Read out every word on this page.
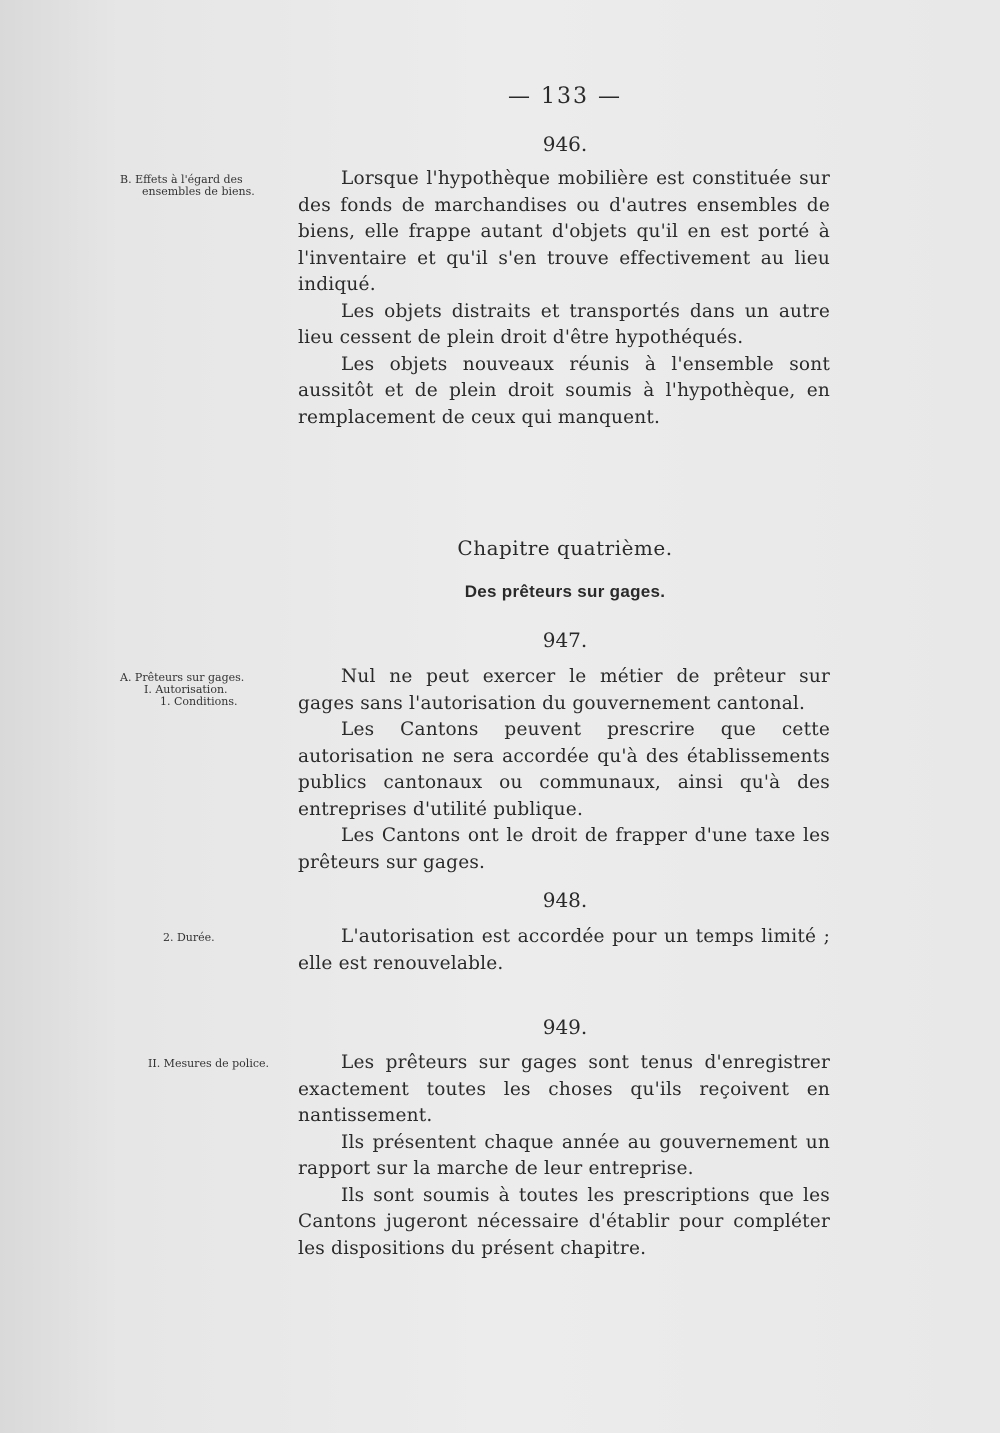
— 133 —
946.
B. Effets à l'égard des
ensembles de biens.

Lorsque l'hypothèque mobilière est constituée sur des fonds de marchandises ou d'autres ensembles de biens, elle frappe autant d'objets qu'il en est porté à l'inventaire et qu'il s'en trouve effectivement au lieu indiqué.

Les objets distraits et transportés dans un autre lieu cessent de plein droit d'être hypothéqués.

Les objets nouveaux réunis à l'ensemble sont aussitôt et de plein droit soumis à l'hypothèque, en remplacement de ceux qui manquent.

Chapitre quatrième.
Des prêteurs sur gages.
947.
A. Prêteurs sur gages.
I. Autorisation.
1. Conditions.

Nul ne peut exercer le métier de prêteur sur gages sans l'autorisation du gouvernement cantonal.

Les Cantons peuvent prescrire que cette autorisation ne sera accordée qu'à des établissements publics cantonaux ou communaux, ainsi qu'à des entreprises d'utilité publique.

Les Cantons ont le droit de frapper d'une taxe les prêteurs sur gages.

948.
2. Durée.	L'autorisation est accordée pour un temps limité ; elle est renouvelable.

949.
II. Mesures de police.	Les prêteurs sur gages sont tenus d'enregistrer exactement toutes les choses qu'ils reçoivent en nantissement.

Ils présentent chaque année au gouvernement un rapport sur la marche de leur entreprise.

Ils sont soumis à toutes les prescriptions que les Cantons jugeront nécessaire d'établir pour compléter les dispositions du présent chapitre.
